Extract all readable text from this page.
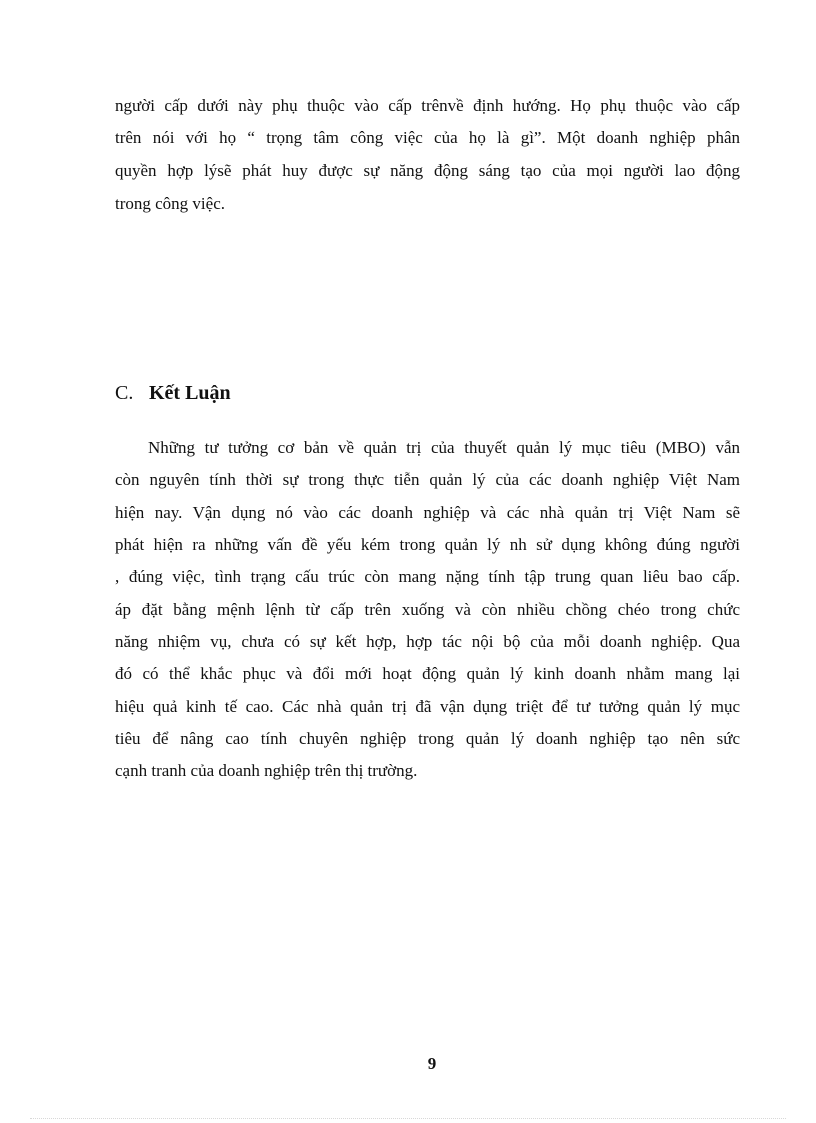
người cấp dưới này phụ thuộc vào cấp trênvề định hướng. Họ phụ thuộc vào cấp
trên nói với họ “ trọng tâm công việc của họ là gì”. Một doanh nghiệp phân
quyền hợp lýsẽ phát huy được sự năng động sáng tạo của mọi người lao động
trong công việc.
C. Kết Luận
Những tư tưởng cơ bản về quản trị của thuyết quản lý mục tiêu (MBO) vẫn
còn nguyên tính thời sự trong thực tiễn quản lý của các doanh nghiệp Việt Nam
hiện nay. Vận dụng nó vào các doanh nghiệp và các nhà quản trị Việt Nam sẽ
phát hiện ra những vấn đề yếu kém trong quản lý nh sử dụng không đúng người
, đúng việc, tình trạng cấu trúc còn mang nặng tính tập trung quan liêu bao cấp.
áp đặt bằng mệnh lệnh từ cấp trên xuống và còn nhiều chồng chéo trong chức
năng nhiệm vụ, chưa có sự kết hợp, hợp tác nội bộ của mỗi doanh nghiệp. Qua
đó có thể khắc phục và đổi mới hoạt động quản lý kinh doanh nhằm mang lại
hiệu quả kinh tế cao. Các nhà quản trị đã vận dụng triệt để tư tưởng quản lý mục
tiêu để nâng cao tính chuyên nghiệp trong quản lý doanh nghiệp tạo nên sức
cạnh tranh của doanh nghiệp trên thị trường.
9
